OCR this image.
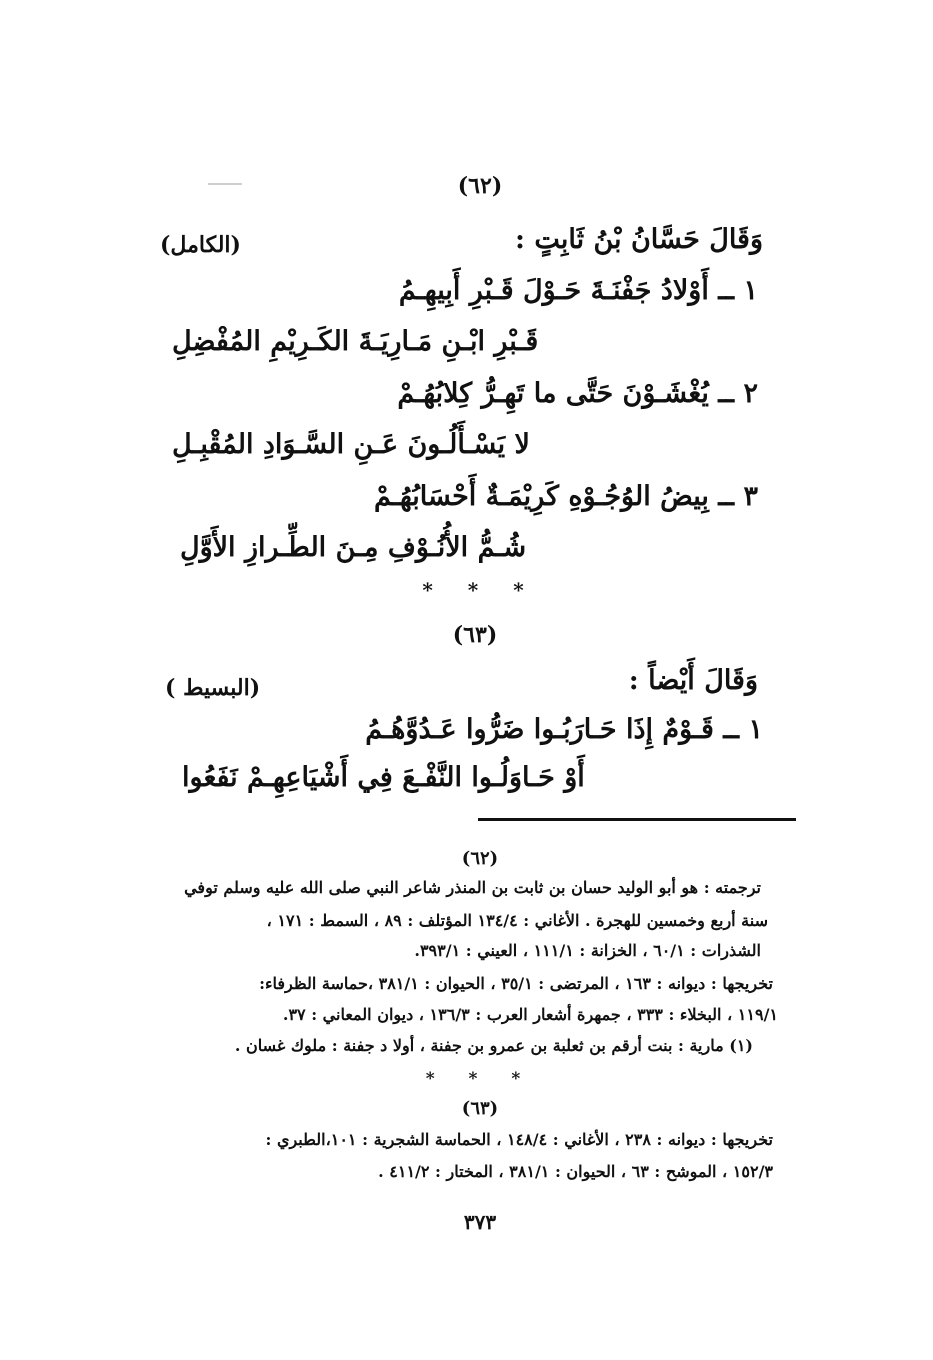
(٦٢)
وَقَالَ حَسَّانُ بْنُ ثَابِتٍ :
(الكامل)
١ ــ أَوْلادُ جَفْنَـةَ حَـوْلَ قَـبْرِ أَبِيهِـمُ
قَـبْرِ ابْـنِ مَـارِيَـةَ الكَـرِيْمِ المُفْضِلِ
٢ ــ يُغْشَـوْنَ حَتَّى ما تَهِـرُّ كِلابُهُـمْ
لا يَسْـأَلُـونَ عَـنِ السَّـوَادِ المُقْبِـلِ
٣ ــ بِيضُ الوُجُـوْهِ كَرِيْمَـةٌ أَحْسَابُهُـمْ
شُـمُّ الأُنُـوْفِ مِـنَ الطِّـرازِ الأَوَّلِ
* * *
(٦٣)
وَقَالَ أَيْضاً :
( البسيط)
١ ــ قَـوْمٌ إِذَا حَـارَبُـوا ضَرُّوا عَـدُوَّهُـمُ
أَوْ حَـاوَلُـوا النَّفْـعَ فِي أَشْيَاعِهِـمْ نَفَعُوا
(٦٢)
ترجمته : هو أبو الوليد حسان بن ثابت بن المنذر شاعر النبي صلى الله عليه وسلم توفي
سنة أربع وخمسين للهجرة . الأغاني : ١٣٤/٤ المؤتلف : ٨٩ ، السمط : ١٧١ ،
الشذرات : ٦٠/١ ، الخزانة : ١١١/١ ، العيني : ٣٩٣/١.
تخريجها : ديوانه : ١٦٣ ، المرتضى : ٣٥/١ ، الحيوان : ٣٨١/١ ،حماسة الظرفاء:
١١٩/١ ، البخلاء : ٣٣٣ ، جمهرة أشعار العرب : ١٣٦/٣ ، ديوان المعاني : ٣٧.
(١) مارية : بنت أرقم بن ثعلبة بن عمرو بن جفنة ، أولا د جفنة : ملوك غسان .
* * *
(٦٣)
تخريجها : ديوانه : ٢٣٨ ، الأغاني : ١٤٨/٤ ، الحماسة الشجرية : ١٠١،الطبري :
١٥٢/٣ ، الموشح : ٦٣ ، الحيوان : ٣٨١/١ ، المختار : ٤١١/٢ .
٣٧٣
